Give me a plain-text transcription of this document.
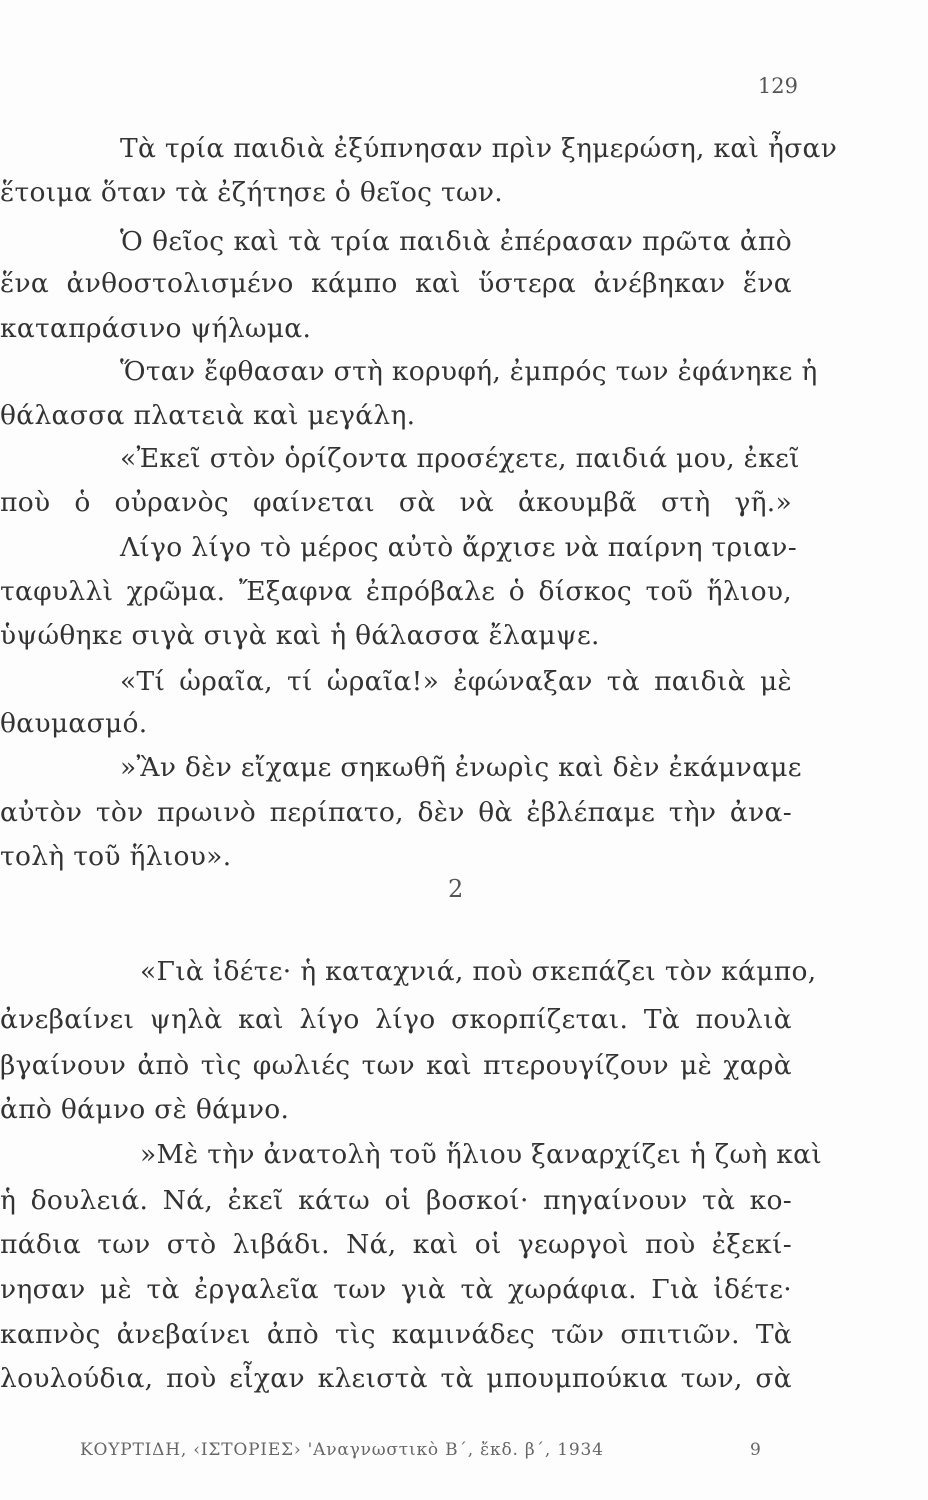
129
Τὰ τρία παιδιὰ ἐξύπνησαν πρὶν ξημερώση, καὶ ἦσαν
ἕτοιμα ὅταν τὰ ἐζήτησε ὁ θεῖος των.
Ὁ θεῖος καὶ τὰ τρία παιδιὰ ἐπέρασαν πρῶτα ἀπὸ
ἕνα ἀνθοστολισμένο κάμπο καὶ ὕστερα ἀνέβηκαν ἕνα
καταπράσινο ψήλωμα.
Ὅταν ἔφθασαν στὴ κορυφή, ἐμπρός των ἐφάνηκε ἡ
θάλασσα πλατειὰ καὶ μεγάλη.
«Ἐκεῖ στὸν ὁρίζοντα προσέχετε, παιδιά μου, ἐκεῖ
ποὺ ὁ οὐρανὸς φαίνεται σὰ νὰ ἀκουμβᾶ στὴ γῆ.»
Λίγο λίγο τὸ μέρος αὐτὸ ἄρχισε νὰ παίρνη τριαν-
ταφυλλὶ χρῶμα. Ἔξαφνα ἐπρόβαλε ὁ δίσκος τοῦ ἥλιου,
ὑψώθηκε σιγὰ σιγὰ καὶ ἡ θάλασσα ἔλαμψε.
«Τί ὡραῖα, τί ὡραῖα!» ἐφώναξαν τὰ παιδιὰ μὲ
θαυμασμό.
»Ἂν δὲν εἴχαμε σηκωθῆ ἐνωρὶς καὶ δὲν ἐκάμναμε
αὐτὸν τὸν πρωινὸ περίπατο, δὲν θὰ ἐβλέπαμε τὴν ἀνα-
τολὴ τοῦ ἥλιου».
2
«Γιὰ ἰδέτε· ἡ καταχνιά, ποὺ σκεπάζει τὸν κάμπο,
ἀνεβαίνει ψηλὰ καὶ λίγο λίγο σκορπίζεται. Τὰ πουλιὰ
βγαίνουν ἀπὸ τὶς φωλιές των καὶ πτερουγίζουν μὲ χαρὰ
ἀπὸ θάμνο σὲ θάμνο.
»Μὲ τὴν ἀνατολὴ τοῦ ἥλιου ξαναρχίζει ἡ ζωὴ καὶ
ἡ δουλειά. Νά, ἐκεῖ κάτω οἱ βοσκοί· πηγαίνουν τὰ κο-
πάδια των στὸ λιβάδι. Νά, καὶ οἱ γεωργοὶ ποὺ ἐξεκί-
νησαν μὲ τὰ ἐργαλεῖα των γιὰ τὰ χωράφια. Γιὰ ἰδέτε·
καπνὸς ἀνεβαίνει ἀπὸ τὶς καμινάδες τῶν σπιτιῶν. Τὰ
λουλούδια, ποὺ εἶχαν κλειστὰ τὰ μπουμπούκια των, σὰ
ΚΟΥΡΤΙΔΗ, ‹ΙΣΤΟΡΙΕΣ› 'Αναγνωστικὸ Β΄, ἔκδ. β΄, 1934	9
